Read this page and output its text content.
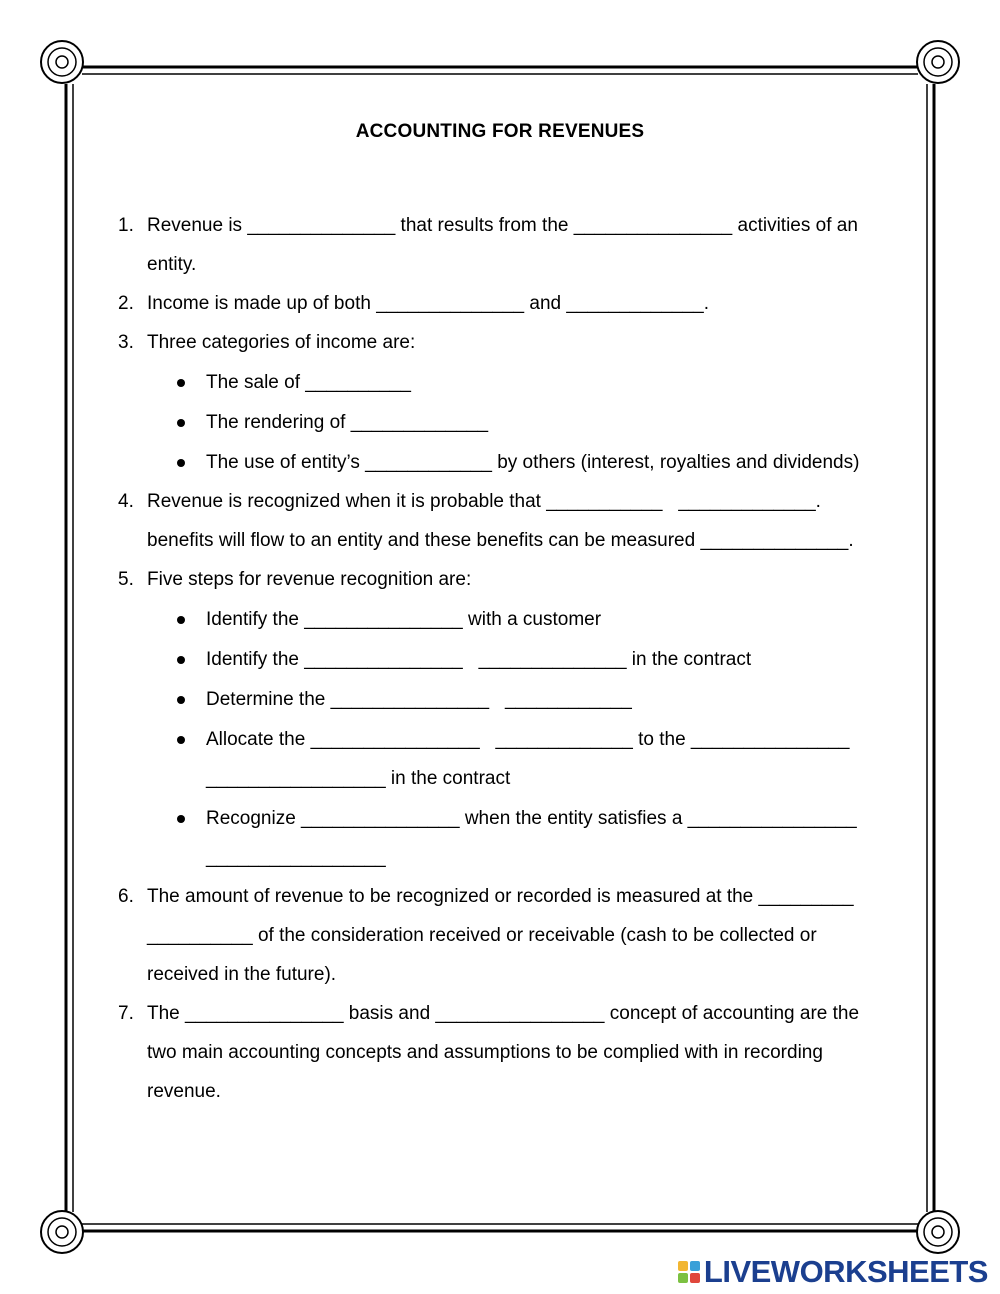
ACCOUNTING FOR REVENUES
1. Revenue is ______________ that results from the _______________ activities of an
entity.
2. Income is made up of both ______________ and _____________.
3. Three categories of income are:
The sale of __________
The rendering of _____________
The use of entity’s ____________ by others (interest, royalties and dividends)
4. Revenue is recognized when it is probable that ___________   _____________.
benefits will flow to an entity and these benefits can be measured ______________.
5. Five steps for revenue recognition are:
Identify the _______________ with a customer
Identify the _______________   ______________ in the contract
Determine the _______________   ____________
Allocate the ________________   _____________ to the _______________
_________________ in the contract
Recognize _______________ when the entity satisfies a ________________
_________________
6. The amount of revenue to be recognized or recorded is measured at the _________
__________ of the consideration received or receivable (cash to be collected or
received in the future).
7. The _______________ basis and ________________ concept of accounting are the
two main accounting concepts and assumptions to be complied with in recording
revenue.
LIVEWORKSHEETS
